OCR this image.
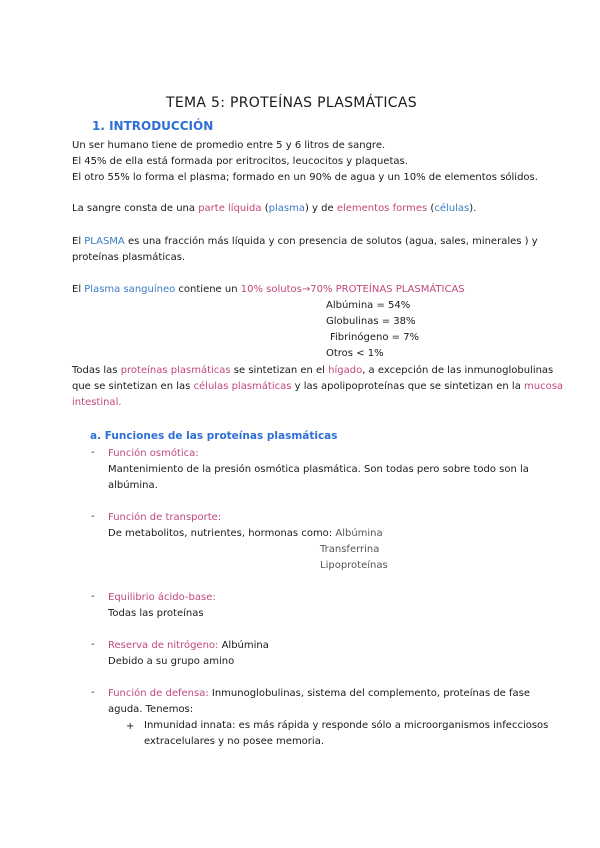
TEMA 5: PROTEÍNAS PLASMÁTICAS
1. INTRODUCCIÓN
Un ser humano tiene de promedio entre 5 y 6 litros de sangre.
El 45% de ella está formada por eritrocitos, leucocitos y plaquetas.
El otro 55% lo forma el plasma; formado en un 90% de agua y un 10% de elementos sólidos.
La sangre consta de una parte líquida (plasma) y de elementos formes (células).
El PLASMA es una fracción más líquida y con presencia de solutos (agua, sales, minerales ) y
proteínas plasmáticas.
El Plasma sanguíneo contiene un 10% solutos→70% PROTEÍNAS PLASMÁTICAS
Albúmina = 54%
Globulinas = 38%
Fibrinógeno = 7%
Otros < 1%
Todas las proteínas plasmáticas se sintetizan en el hígado, a excepción de las inmunoglobulinas
que se sintetizan en las células plasmáticas y las apolipoproteínas que se sintetizan en la mucosa
intestinal.
a. Funciones de las proteínas plasmáticas
- Función osmótica:
Mantenimiento de la presión osmótica plasmática. Son todas pero sobre todo son la
albúmina.
- Función de transporte:
De metabolitos, nutrientes, hormonas como: Albúmina
Transferrina
Lipoproteínas
- Equilibrio ácido-base:
Todas las proteínas
- Reserva de nitrógeno: Albúmina
Debido a su grupo amino
- Función de defensa: Inmunoglobulinas, sistema del complemento, proteínas de fase
aguda. Tenemos:
+ Inmunidad innata: es más rápida y responde sólo a microorganismos infecciosos
extracelulares y no posee memoria.
